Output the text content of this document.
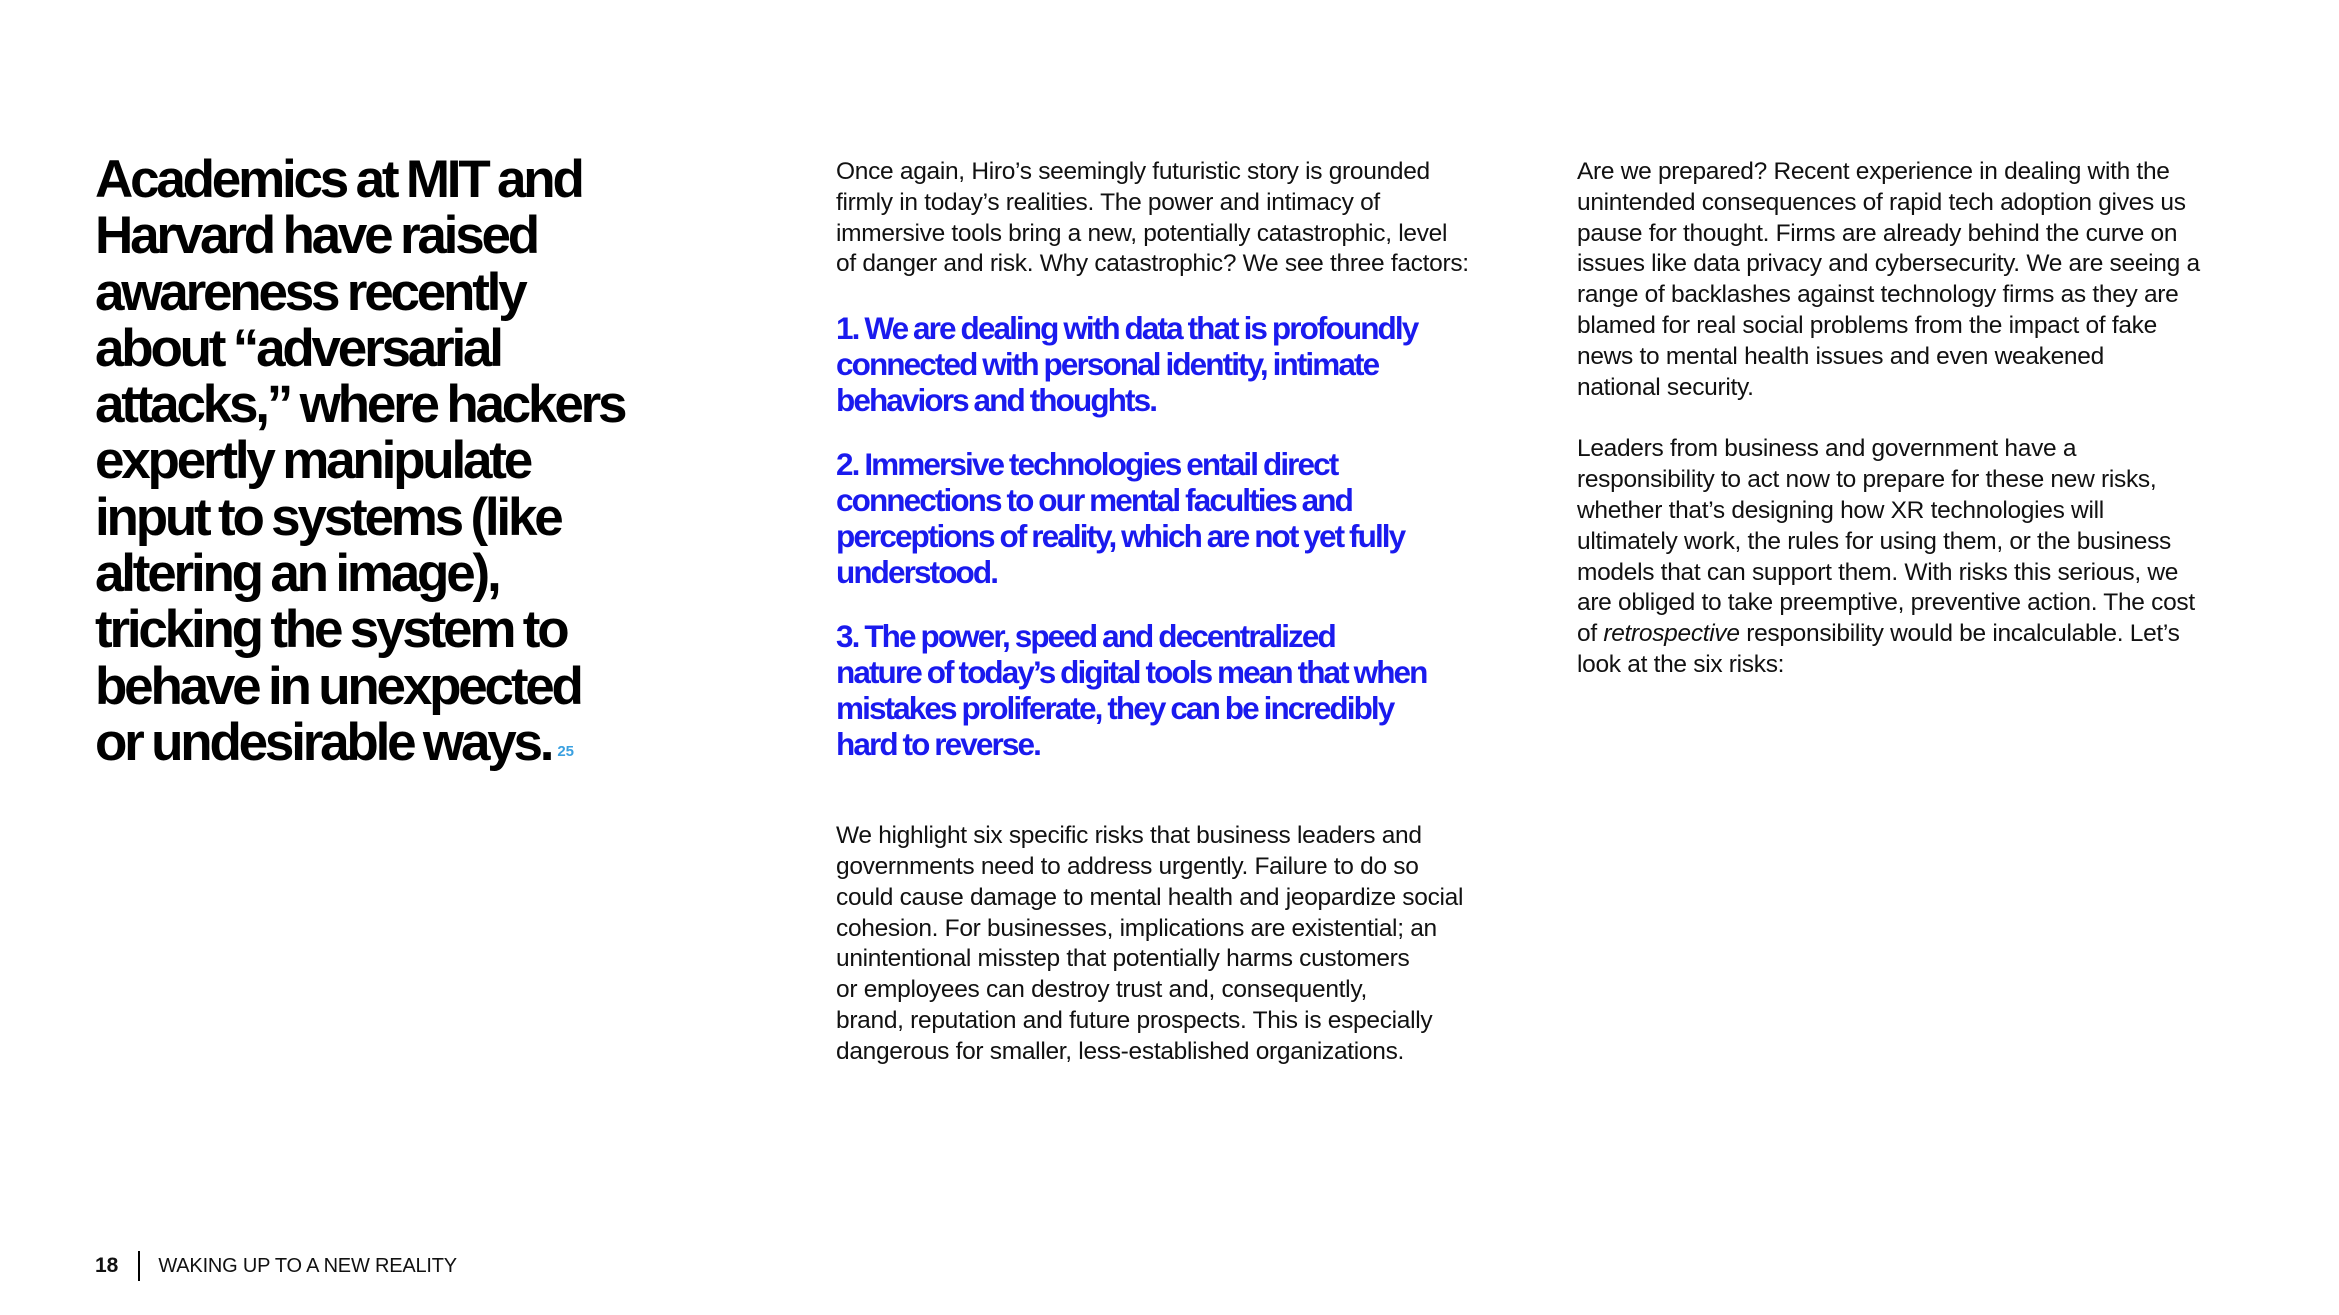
Academics at MIT and
Harvard have raised
awareness recently
about “adversarial
attacks,” where hackers
expertly manipulate
input to systems (like
altering an image),
tricking the system to
behave in unexpected
or undesirable ways. $^{25}$

Once again, Hiro’s seemingly futuristic story is grounded
firmly in today’s realities. The power and intimacy of
immersive tools bring a new, potentially catastrophic, level
of danger and risk. Why catastrophic? We see three factors:

1. We are dealing with data that is profoundly
connected with personal identity, intimate
behaviors and thoughts.
2. Immersive technologies entail direct
connections to our mental faculties and
perceptions of reality, which are not yet fully
understood.
3. The power, speed and decentralized
nature of today’s digital tools mean that when
mistakes proliferate, they can be incredibly
hard to reverse.

We highlight six specific risks that business leaders and
governments need to address urgently. Failure to do so
could cause damage to mental health and jeopardize social
cohesion. For businesses, implications are existential; an
unintentional misstep that potentially harms customers
or employees can destroy trust and, consequently,
brand, reputation and future prospects. This is especially
dangerous for smaller, less-established organizations.

Are we prepared? Recent experience in dealing with the
unintended consequences of rapid tech adoption gives us
pause for thought. Firms are already behind the curve on
issues like data privacy and cybersecurity. We are seeing a
range of backlashes against technology firms as they are
blamed for real social problems from the impact of fake
news to mental health issues and even weakened
national security.

Leaders from business and government have a
responsibility to act now to prepare for these new risks,
whether that’s designing how XR technologies will
ultimately work, the rules for using them, or the business
models that can support them. With risks this serious, we
are obliged to take preemptive, preventive action. The cost
of retrospective responsibility would be incalculable. Let’s
look at the six risks:

18 WAKING UP TO A NEW REALITY
